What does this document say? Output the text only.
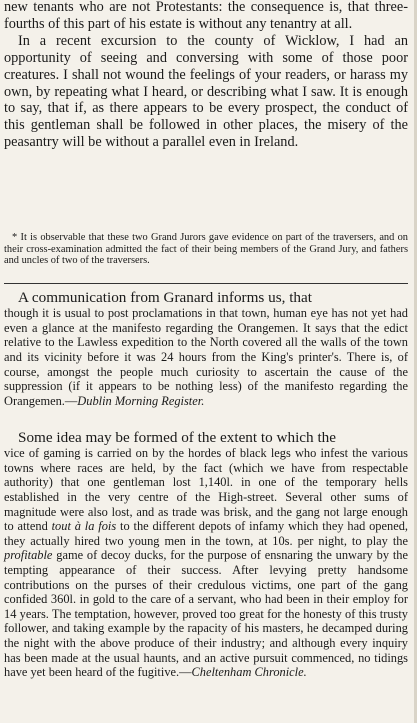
new tenants who are not Protestants: the consequence is, that three-fourths of this part of his estate is without any tenantry at all.

In a recent excursion to the county of Wicklow, I had an opportunity of seeing and conversing with some of those poor creatures. I shall not wound the feelings of your readers, or harass my own, by repeating what I heard, or describing what I saw. It is enough to say, that if, as there appears to be every prospect, the conduct of this gentleman shall be followed in other places, the misery of the peasantry will be without a parallel even in Ireland.

* It is observable that these two Grand Jurors gave evidence on part of the traversers, and on their cross-examination admitted the fact of their being members of the Grand Jury, and fathers and uncles of two of the traversers.

A communication from Granard informs us, that

though it is usual to post proclamations in that town, human eye has not yet had even a glance at the manifesto regarding the Orangemen. It says that the edict relative to the Lawless expedition to the North covered all the walls of the town and its vicinity before it was 24 hours from the King's printer's. There is, of course, amongst the people much curiosity to ascertain the cause of the suppression (if it appears to be nothing less) of the manifesto regarding the Orangemen.—Dublin Morning Register.

Some idea may be formed of the extent to which the

vice of gaming is carried on by the hordes of black legs who infest the various towns where races are held, by the fact (which we have from respectable authority) that one gentleman lost 1,140l. in one of the temporary hells established in the very centre of the High-street. Several other sums of magnitude were also lost, and as trade was brisk, and the gang not large enough to attend tout à la fois to the different depots of infamy which they had opened, they actually hired two young men in the town, at 10s. per night, to play the profitable game of decoy ducks, for the purpose of ensnaring the unwary by the tempting appearance of their success. After levying pretty handsome contributions on the purses of their credulous victims, one part of the gang confided 360l. in gold to the care of a servant, who had been in their employ for 14 years. The temptation, however, proved too great for the honesty of this trusty follower, and taking example by the rapacity of his masters, he decamped during the night with the above produce of their industry; and although every inquiry has been made at the usual haunts, and an active pursuit commenced, no tidings have yet been heard of the fugitive.—Cheltenham Chronicle.
